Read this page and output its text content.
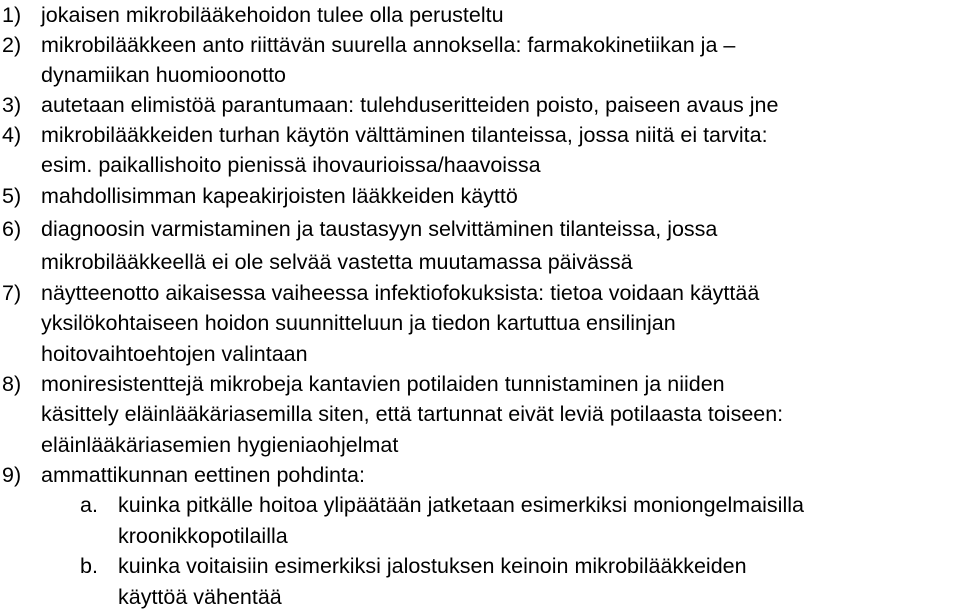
1) jokaisen mikrobilääkehoidon tulee olla perusteltu
2) mikrobilääkkeen anto riittävän suurella annoksella: farmakokinetiikan ja –
dynamiikan huomioonotto
3) autetaan elimistöä parantumaan: tulehduseritteiden poisto, paiseen avaus jne
4) mikrobilääkkeiden turhan käytön välttäminen tilanteissa, jossa niitä ei tarvita:
esim. paikallishoito pienissä ihovaurioissa/haavoissa
5) mahdollisimman kapeakirjoisten lääkkeiden käyttö
6) diagnoosin varmistaminen ja taustasyyn selvittäminen tilanteissa, jossa
mikrobilääkkeellä ei ole selvää vastetta muutamassa päivässä
7) näytteenotto aikaisessa vaiheessa infektiofokuksista: tietoa voidaan käyttää
yksilökohtaiseen hoidon suunnitteluun ja tiedon kartuttua ensilinjan
hoitovaihtoehtojen valintaan
8) moniresistenttejä mikrobeja kantavien potilaiden tunnistaminen ja niiden
käsittely eläinlääkäriasemilla siten, että tartunnat eivät leviä potilaasta toiseen:
eläinlääkäriasemien hygieniaohjelmat
9) ammattikunnan eettinen pohdinta:
a. kuinka pitkälle hoitoa ylipäätään jatketaan esimerkiksi moniongelmaisilla
kroonikkopotilailla
b. kuinka voitaisiin esimerkiksi jalostuksen keinoin mikrobilääkkeiden
käyttöä vähentää
